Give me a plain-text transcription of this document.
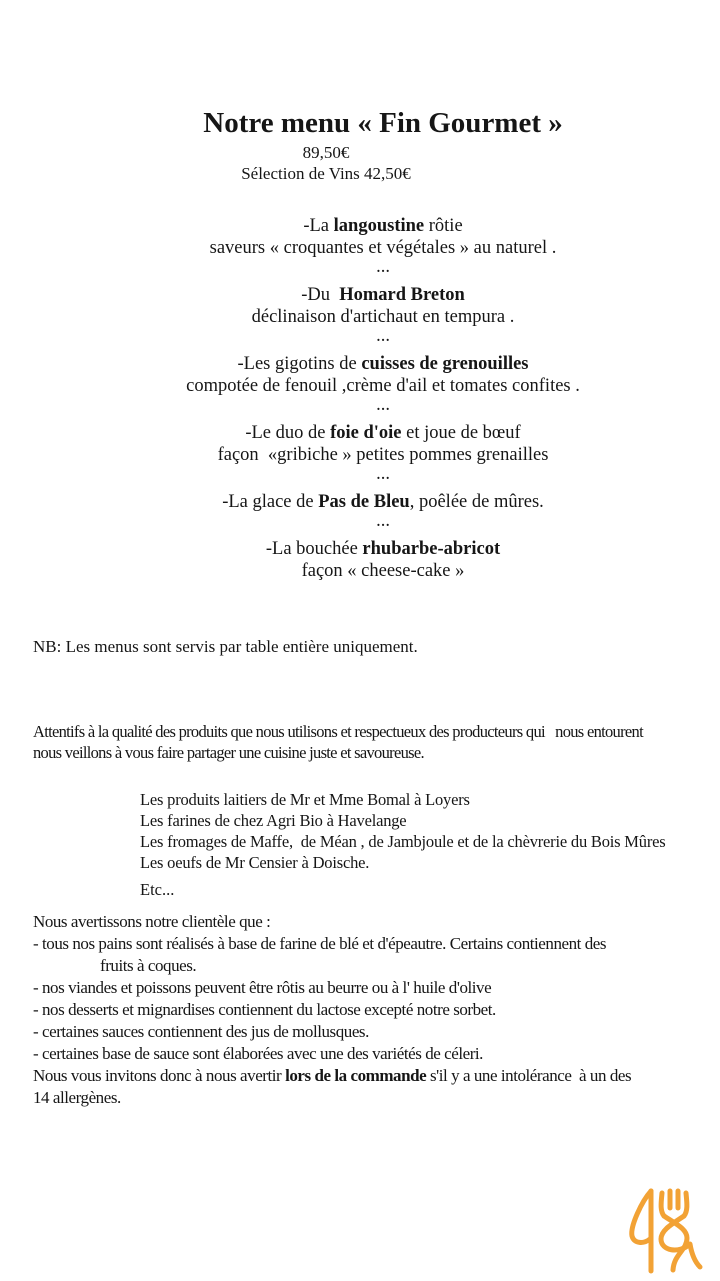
Notre menu « Fin Gourmet »
89,50€
Sélection de Vins 42,50€
-La langoustine rôtie
saveurs « croquantes et végétales » au naturel .
...
-Du  Homard Breton
déclinaison d'artichaut en tempura .
...
-Les gigotins de cuisses de grenouilles
compotée de fenouil ,crème d'ail et tomates confites .
...
-Le duo de foie d'oie et joue de bœuf
façon  «gribiche » petites pommes grenailles
...
-La glace de Pas de Bleu, poêlée de mûres.
...
-La bouchée rhubarbe-abricot
façon « cheese-cake »
NB: Les menus sont servis par table entière uniquement.
Attentifs à la qualité des produits que nous utilisons et respectueux des producteurs qui   nous entourent
nous veillons à vous faire partager une cuisine juste et savoureuse.
Les produits laitiers de Mr et Mme Bomal à Loyers
Les farines de chez Agri Bio à Havelange
Les fromages de Maffe,  de Méan , de Jambjoule et de la chèvrerie du Bois Mûres
Les oeufs de Mr Censier à Doische.
Etc...
Nous avertissons notre clientèle que :
- tous nos pains sont réalisés à base de farine de blé et d'épeautre. Certains contiennent des
fruits à coques.
- nos viandes et poissons peuvent être rôtis au beurre ou à l' huile d'olive
- nos desserts et mignardises contiennent du lactose excepté notre sorbet.
- certaines sauces contiennent des jus de mollusques.
- certaines base de sauce sont élaborées avec une des variétés de céleri.
Nous vous invitons donc à nous avertir lors de la commande s'il y a une intolérance  à un des
14 allergènes.
